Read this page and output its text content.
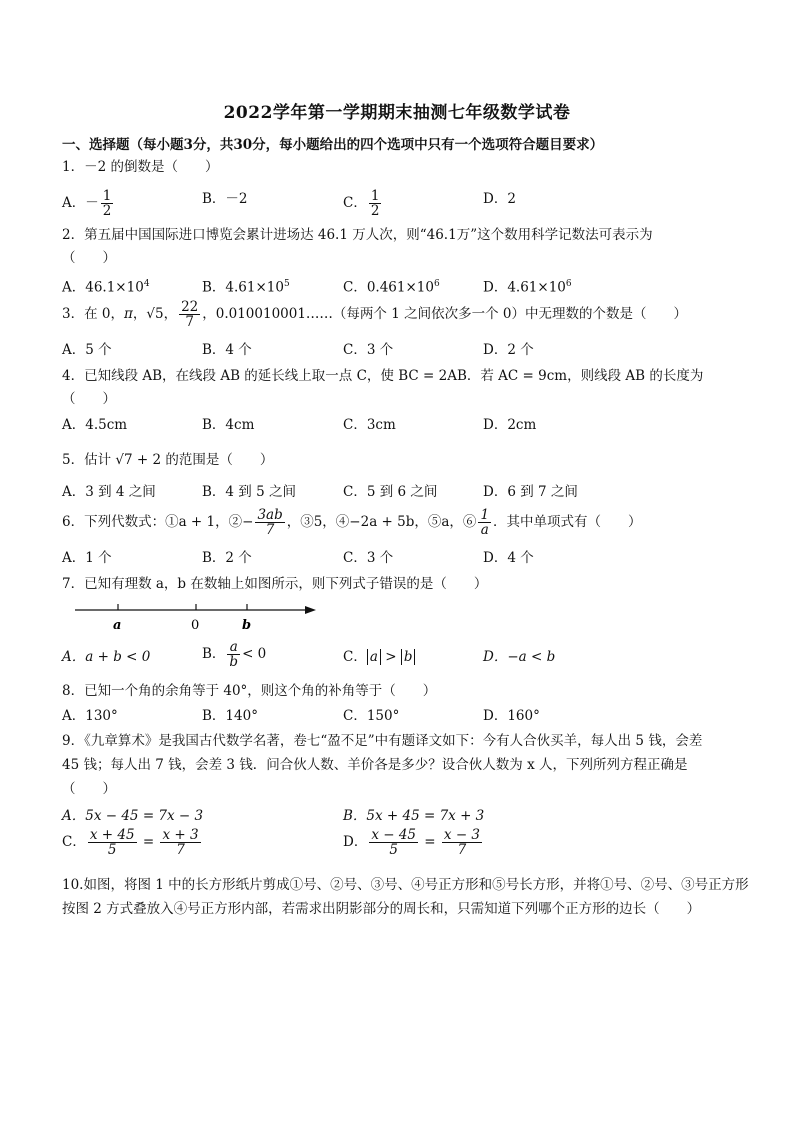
2022学年第一学期期末抽测七年级数学试卷
一、选择题（每小题3分，共30分，每小题给出的四个选项中只有一个选项符合题目要求）
1．－2 的倒数是（　　）
A．－ $\frac{1}{2}$	B．－2	C． $\frac{1}{2}$	D．2
2．第五届中国国际进口博览会累计进场达 46.1 万人次，则“46.1万”这个数用科学记数法可表示为
（　　）
A．$46.1\times 10^4$	B．$4.61\times 10^5$	C．$0.461\times 10^6$	D．$4.61\times 10^6$
3．在 0，π，√5， $\frac{22}{7}$ ，0.010010001……（每两个 1 之间依次多一个 0）中无理数的个数是（　　）
A．5 个	B．4 个	C．3 个	D．2 个
4．已知线段 AB，在线段 AB 的延长线上取一点 C，使 BC = 2AB．若 AC = 9cm，则线段 AB 的长度为
（　　）
A．4.5cm	B．4cm	C．3cm	D．2cm
5．估计 √7 + 2 的范围是（　　）
A．3 到 4 之间	B．4 到 5 之间	C．5 到 6 之间	D．6 到 7 之间
6．下列代数式：①a + 1，②− $\frac{3ab}{7}$ ，③5，④−2a + 5b，⑤a，⑥ $\frac{1}{a}$ ．其中单项式有（　　）
A．1 个	B．2 个	C．3 个	D．4 个
7．已知有理数 a，b 在数轴上如图所示，则下列式子错误的是（　　）
a	0	b
A．a + b < 0	B． $\frac{a}{b} < 0$	C． a > b	D．−a < b
8．已知一个角的余角等于 40°，则这个角的补角等于（　　）
A．130°	B．140°	C．150°	D．160°
9．《九章算术》是我国古代数学名著，卷七“盈不足”中有题译文如下：今有人合伙买羊，每人出 5 钱，会差
45 钱；每人出 7 钱，会差 3 钱．问合伙人数、羊价各是多少？设合伙人数为 x 人，下列所列方程正确是
（　　）
A．5x − 45 = 7x − 3	B．5x + 45 = 7x + 3
C． $\frac{x + 45}{5} = \frac{x + 3}{7}$	D． $\frac{x - 45}{5} = \frac{x - 3}{7}$
10.如图，将图 1 中的长方形纸片剪成①号、②号、③号、④号正方形和⑤号长方形，并将①号、②号、③号正方形
按图 2 方式叠放入④号正方形内部，若需求出阴影部分的周长和，只需知道下列哪个正方形的边长（　　）
